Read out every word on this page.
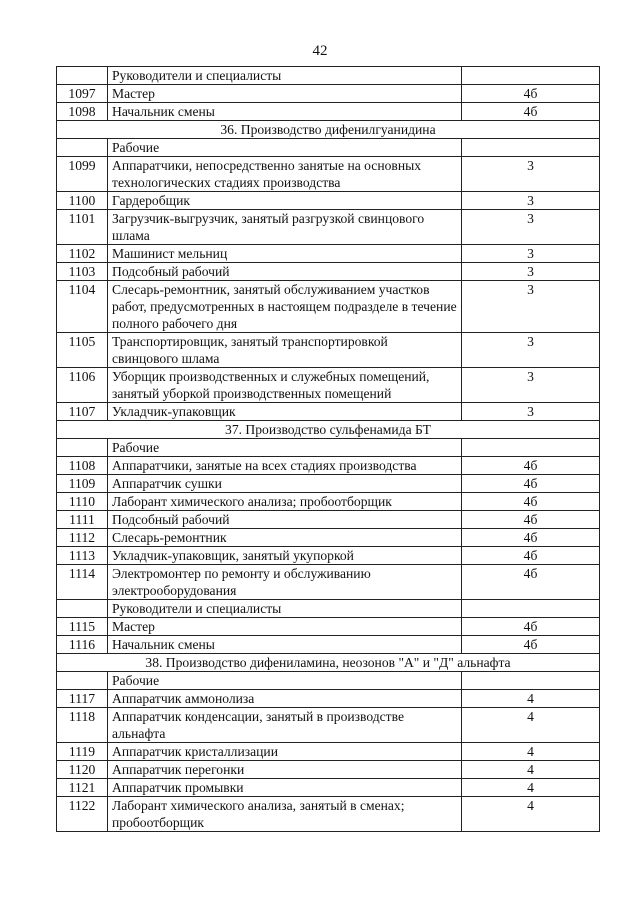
42
	Руководители и специалисты	
1097	Мастер	4б
1098	Начальник смены	4б
36. Производство дифенилгуанидина		
	Рабочие	
1099	Аппаратчики, непосредственно занятые на основных технологических стадиях производства	3
1100	Гардеробщик	3
1101	Загрузчик-выгрузчик, занятый разгрузкой свинцового шлама	3
1102	Машинист мельниц	3
1103	Подсобный рабочий	3
1104	Слесарь-ремонтник, занятый обслуживанием участков работ, предусмотренных в настоящем подразделе в течение полного рабочего дня	3
1105	Транспортировщик, занятый транспортировкой свинцового шлама	3
1106	Уборщик производственных и служебных помещений, занятый уборкой производственных помещений	3
1107	Укладчик-упаковщик	3
37. Производство сульфенамида БТ		
	Рабочие	
1108	Аппаратчики, занятые на всех стадиях производства	4б
1109	Аппаратчик сушки	4б
1110	Лаборант химического анализа; пробоотборщик	4б
1111	Подсобный рабочий	4б
1112	Слесарь-ремонтник	4б
1113	Укладчик-упаковщик, занятый укупоркой	4б
1114	Электромонтер по ремонту и обслуживанию электрооборудования	4б
	Руководители и специалисты	
1115	Мастер	4б
1116	Начальник смены	4б
38. Производство дифениламина, неозонов "А" и "Д" альнафта		
	Рабочие	
1117	Аппаратчик аммонолиза	4
1118	Аппаратчик конденсации, занятый в производстве альнафта	4
1119	Аппаратчик кристаллизации	4
1120	Аппаратчик перегонки	4
1121	Аппаратчик промывки	4
1122	Лаборант химического анализа, занятый в сменах; пробоотборщик	4
